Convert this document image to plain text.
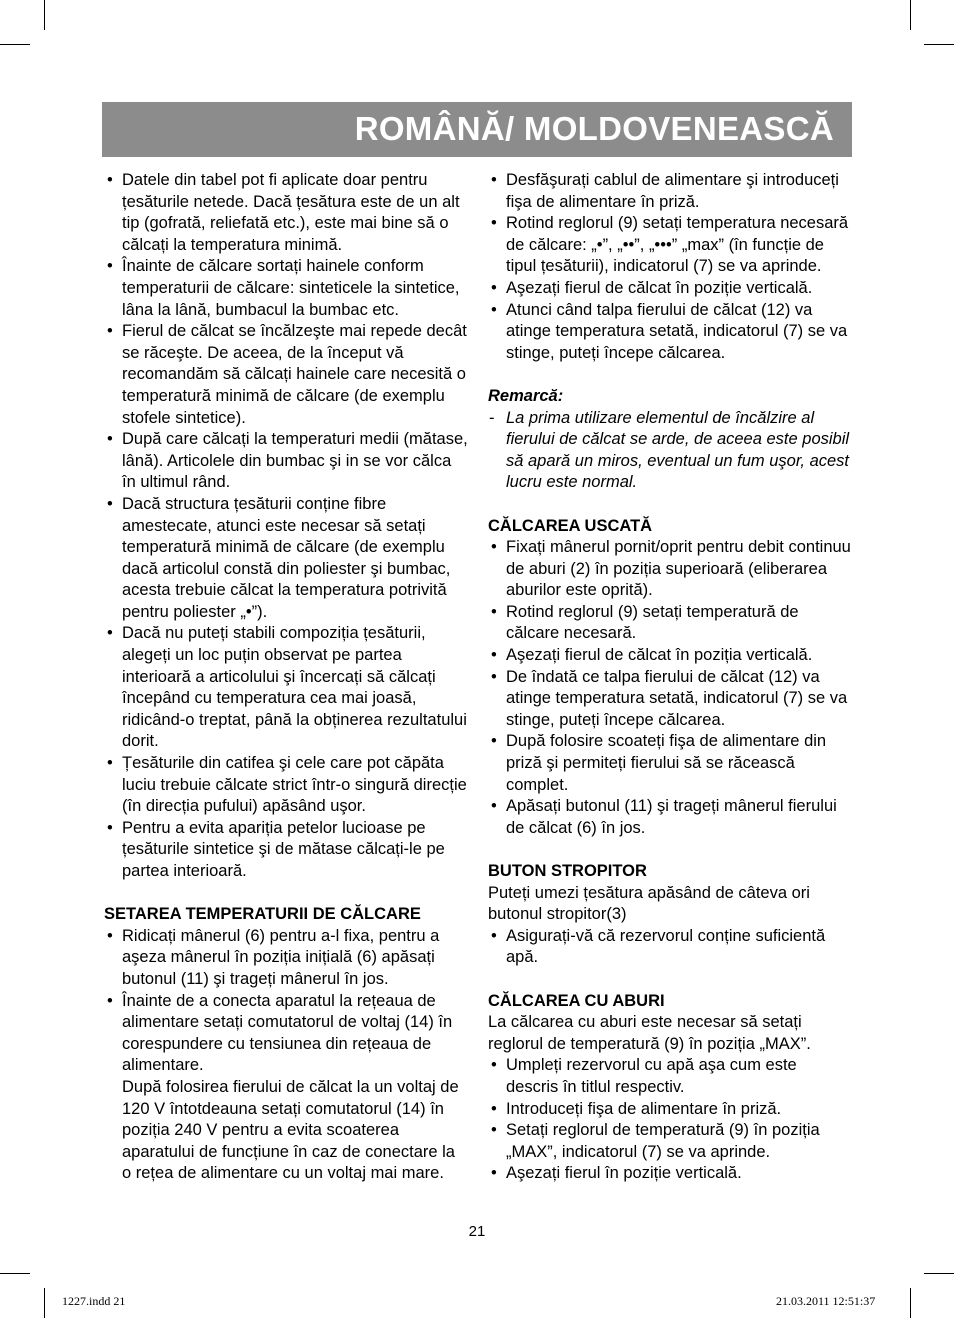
ROMÂNĂ/ MOLDOVENEASCĂ
• Datele din tabel pot fi aplicate doar pentru țesăturile netede. Dacă țesătura este de un alt tip (gofrată, reliefată etc.), este mai bine să o călcați la temperatura minimă.
• Înainte de călcare sortați hainele conform temperaturii de călcare: sinteticele la sintetice, lâna la lână, bumbacul la bumbac etc.
• Fierul de călcat se încălzeşte mai repede decât se răceşte. De aceea, de la început vă recomandăm să călcați hainele care necesită o temperatură minimă de călcare (de exemplu stofele sintetice).
• După care călcați la temperaturi medii (mătase, lână). Articolele din bumbac şi in se vor călca în ultimul rând.
• Dacă structura țesăturii conține fibre amestecate, atunci este necesar să setați temperatură minimă de călcare (de exemplu dacă articolul constă din poliester şi bumbac, acesta trebuie călcat la temperatura potrivită pentru poliester „•”).
• Dacă nu puteți stabili compoziția țesăturii, alegeți un loc puțin observat pe partea interioară a articolului şi încercați să călcați începând cu temperatura cea mai joasă, ridicând-o treptat, până la obținerea rezultatului dorit.
• Țesăturile din catifea şi cele care pot căpăta luciu trebuie călcate strict într-o singură direcție (în direcția pufului) apăsând uşor.
• Pentru a evita apariția petelor lucioase pe țesăturile sintetice şi de mătase călcați-le pe partea interioară.
SETAREA TEMPERATURII DE CĂLCARE
• Ridicați mânerul (6) pentru a-l fixa, pentru a aşeza mânerul în poziția inițială (6) apăsați butonul (11) şi trageți mânerul în jos.
• Înainte de a conecta aparatul la rețeaua de alimentare setați comutatorul de voltaj (14) în corespundere cu tensiunea din rețeaua de alimentare.
După folosirea fierului de călcat la un voltaj de 120 V întotdeauna setați comutatorul (14) în poziția 240 V pentru a evita scoaterea aparatului de funcțiune în caz de conectare la o rețea de alimentare cu un voltaj mai mare.
• Desfăşurați cablul de alimentare şi introduceți fişa de alimentare în priză.
• Rotind reglorul (9) setați temperatura necesară de călcare: „•”, „••”, „•••” „max” (în funcție de tipul țesăturii), indicatorul (7) se va aprinde.
• Aşezați fierul de călcat în poziție verticală.
• Atunci când talpa fierului de călcat (12) va atinge temperatura setată, indicatorul (7) se va stinge, puteți începe călcarea.

Remarcă:

- La prima utilizare elementul de încălzire al fierului de călcat se arde, de aceea este posibil să apară un miros, eventual un fum uşor, acest lucru este normal.
CĂLCAREA USCATĂ
• Fixați mânerul pornit/oprit pentru debit continuu de aburi (2) în poziția superioară (eliberarea aburilor este oprită).
• Rotind reglorul (9) setați temperatură de călcare necesară.
• Aşezați fierul de călcat în poziția verticală.
• De îndată ce talpa fierului de călcat (12) va atinge temperatura setată, indicatorul (7) se va stinge, puteți începe călcarea.
• După folosire scoateți fişa de alimentare din priză şi permiteți fierului să se răcească complet.
• Apăsați butonul (11) şi trageți mânerul fierului de călcat (6) în jos.
BUTON STROPITOR

Puteți umezi țesătura apăsând de câteva ori butonul stropitor(3)

• Asigurați-vă că rezervorul conține suficientă apă.
CĂLCAREA CU ABURI

La călcarea cu aburi este necesar să setați reglorul de temperatură (9) în poziția „MAX”.

• Umpleți rezervorul cu apă aşa cum este descris în titlul respectiv.
• Introduceți fişa de alimentare în priză.
• Setați reglorul de temperatură (9) în poziția „MAX”, indicatorul (7) se va aprinde.
• Aşezați fierul în poziție verticală.
21
1227.indd 21	21.03.2011 12:51:37
